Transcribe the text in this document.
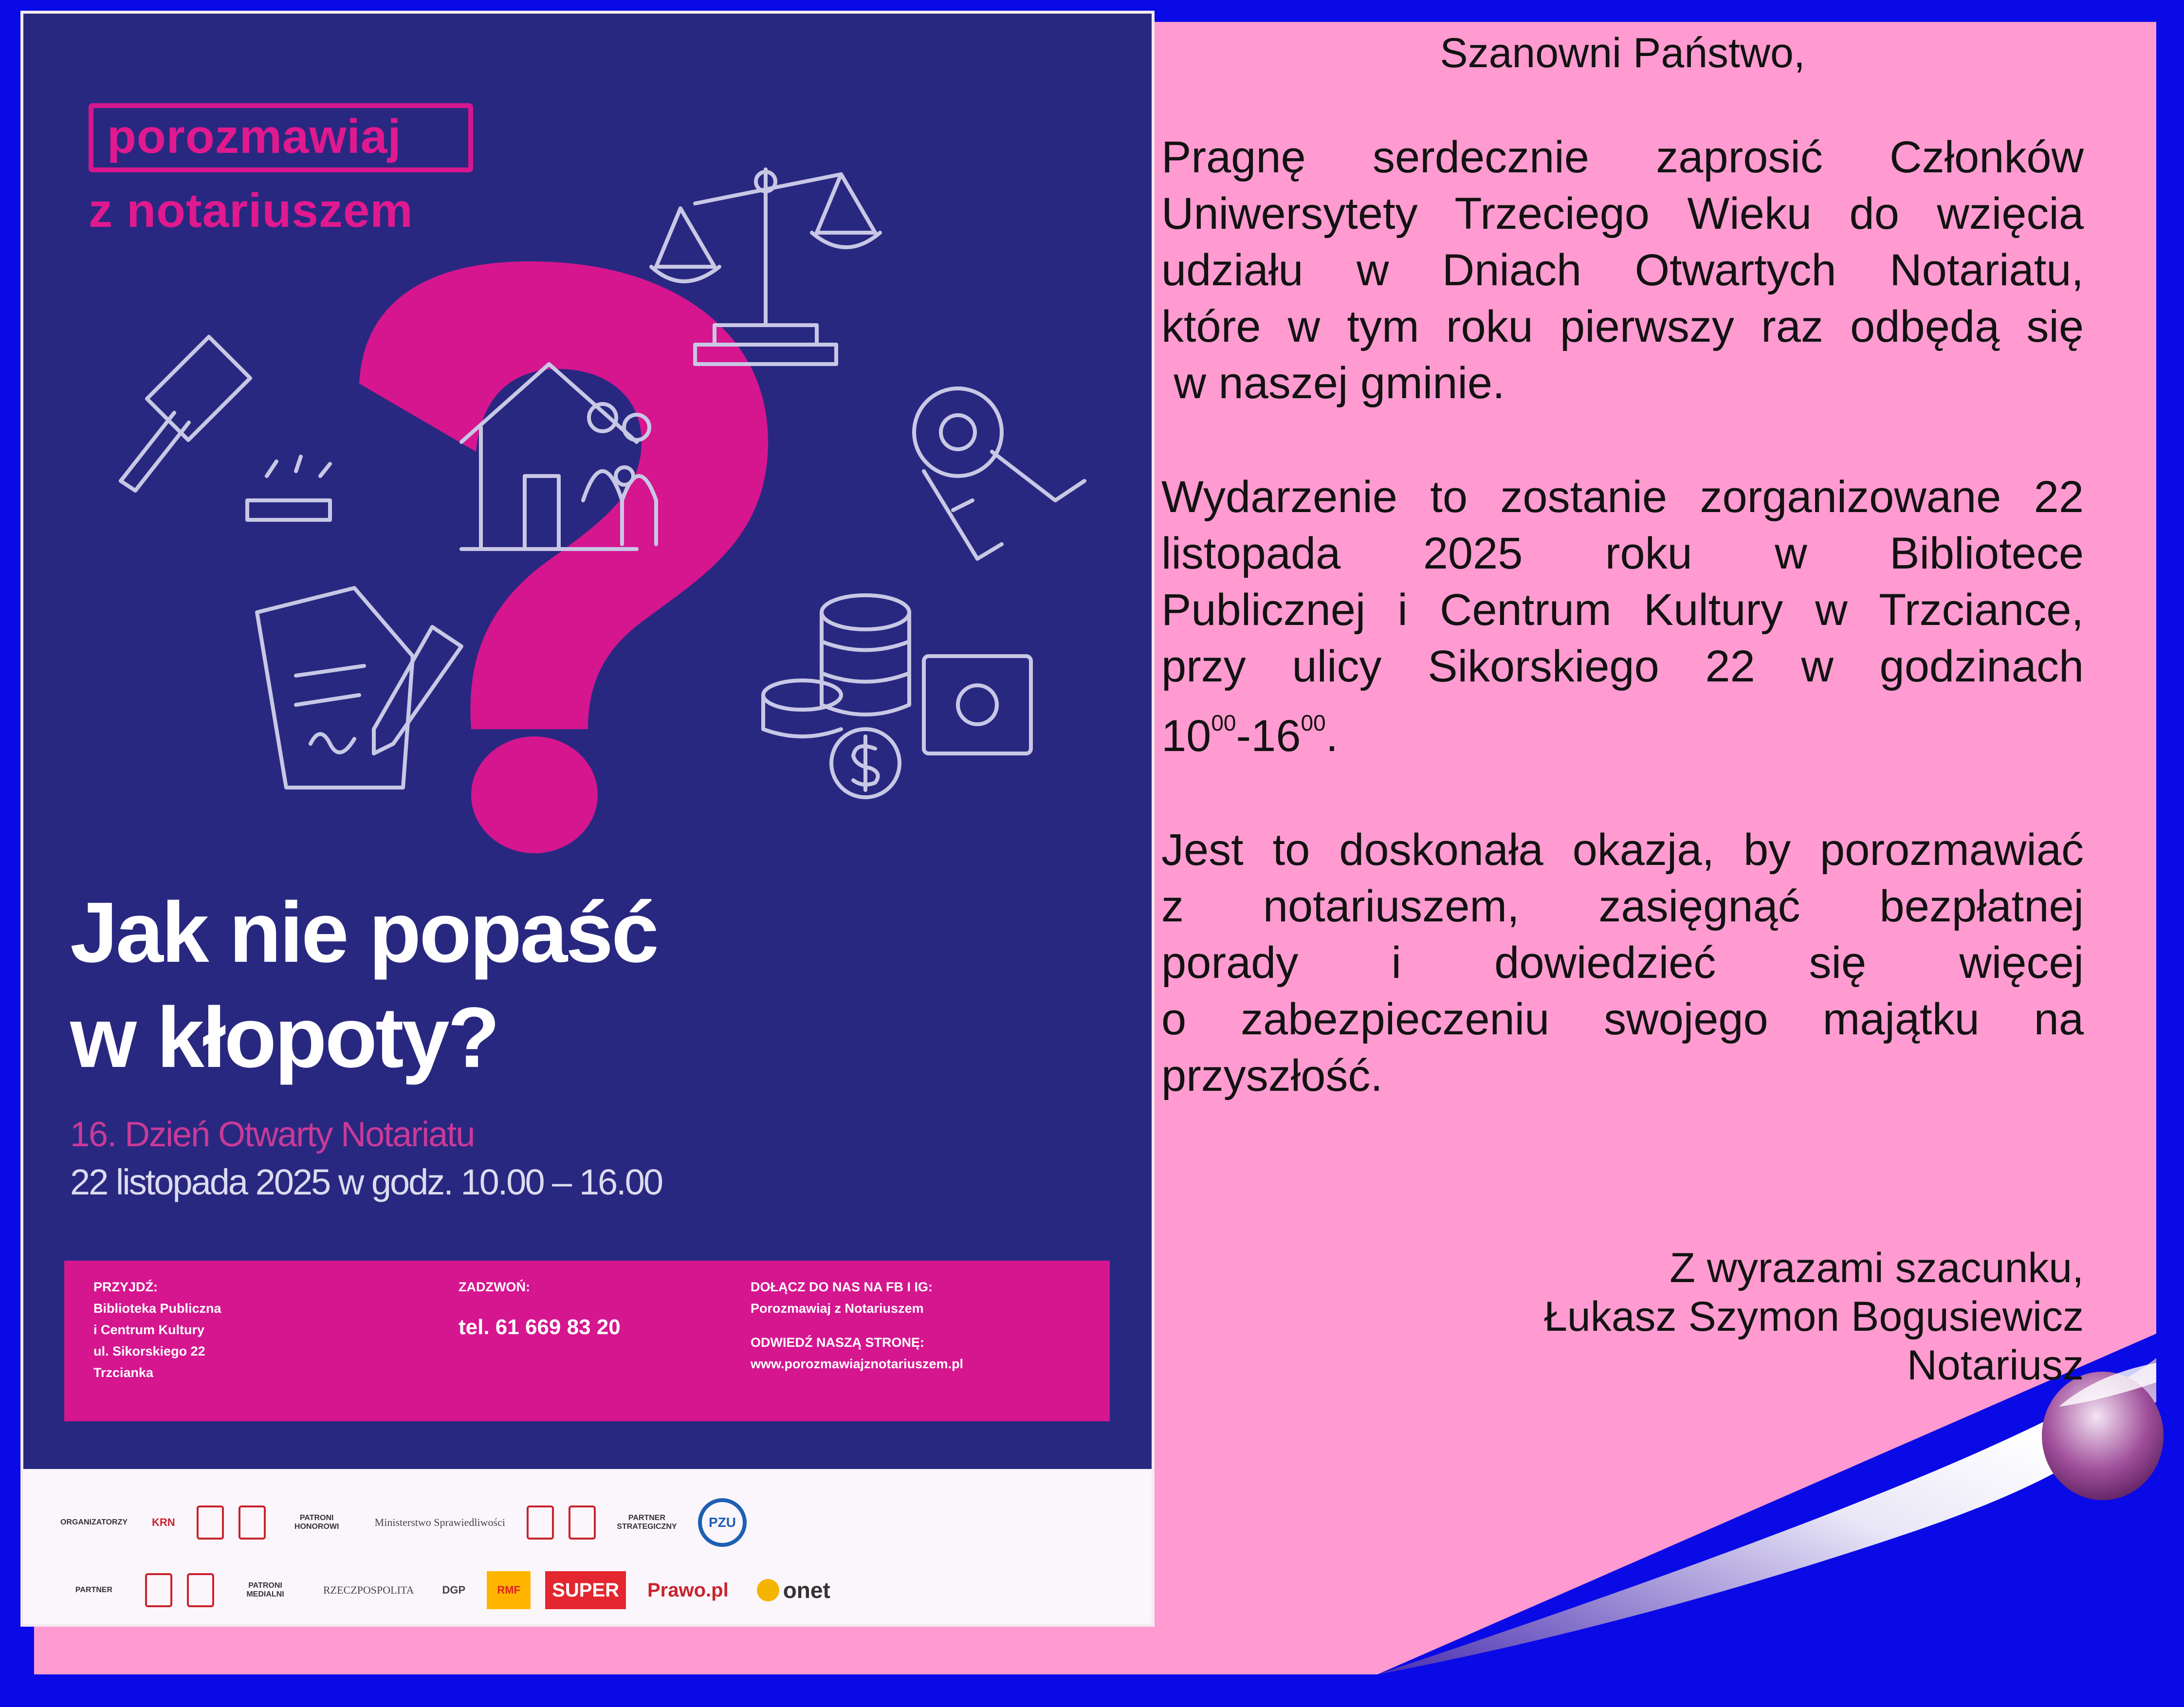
porozmawiaj
z notariuszem
Jak nie popaść
w kłopoty?
16. Dzień Otwarty Notariatu
22 listopada 2025 w godz. 10.00 – 16.00
PRZYJDŹ:
Biblioteka Publiczna
i Centrum Kultury
ul. Sikorskiego 22
Trzcianka
ZADZWOŃ:
tel. 61 669 83 20
DOŁĄCZ DO NAS NA FB I IG:
Porozmawiaj z Notariuszem
ODWIEDŹ NASZĄ STRONĘ:
www.porozmawiajznotariuszem.pl
ORGANIZATORZY	KRN	PATRONI HONOROWI	Ministerstwo Sprawiedliwości	PARTNER STRATEGICZNY	PZU
PARTNER
PATRONI MEDIALNI	RZECZPOSPOLITA	DGP	RMF	SUPER	Prawo.pl	onet
Szanowni Państwo,
Pragnę serdecznie zaprosić Członków
Uniwersytety Trzeciego Wieku do wzięcia
udziału w Dniach Otwartych Notariatu,
które w tym roku pierwszy raz odbędą się
w naszej gminie.
Wydarzenie to zostanie zorganizowane 22
listopada 2025 roku w Bibliotece
Publicznej i Centrum Kultury w Trzciance,
przy ulicy Sikorskiego 22 w godzinach
$10^{00}-16^{00}$.
Jest to doskonała okazja, by porozmawiać
z notariuszem, zasięgnąć bezpłatnej
porady i dowiedzieć się więcej
o zabezpieczeniu swojego majątku na
przyszłość.
Z wyrazami szacunku,
Łukasz Szymon Bogusiewicz
Notariusz
